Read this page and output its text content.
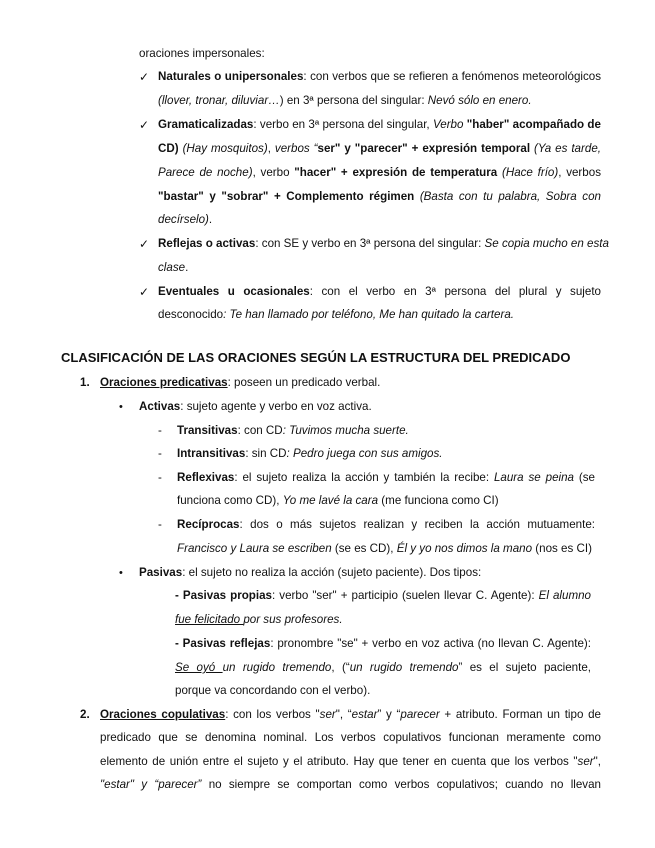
oraciones impersonales:
✓ Naturales o unipersonales: con verbos que se refieren a fenómenos meteorológicos
(llover, tronar, diluviar…) en 3ª persona del singular: Nevó sólo en enero.
✓ Gramaticalizadas: verbo en 3ª persona del singular, Verbo "haber" acompañado de
CD) (Hay mosquitos), verbos “ser" y "parecer" + expresión temporal (Ya es tarde,
Parece de noche), verbo "hacer" + expresión de temperatura (Hace frío), verbos
"bastar" y "sobrar" + Complemento régimen (Basta con tu palabra, Sobra con
decírselo).
✓ Reflejas o activas: con SE y verbo en 3ª persona del singular: Se copia mucho en esta
clase.
✓ Eventuales u ocasionales: con el verbo en 3ª persona del plural y sujeto
desconocido: Te han llamado por teléfono, Me han quitado la cartera.
CLASIFICACIÓN DE LAS ORACIONES SEGÚN LA ESTRUCTURA DEL PREDICADO
1. Oraciones predicativas: poseen un predicado verbal.
• Activas: sujeto agente y verbo en voz activa.
- Transitivas: con CD: Tuvimos mucha suerte.
- Intransitivas: sin CD: Pedro juega con sus amigos.
- Reflexivas: el sujeto realiza la acción y también la recibe: Laura se peina (se
funciona como CD), Yo me lavé la cara (me funciona como CI)
- Recíprocas: dos o más sujetos realizan y reciben la acción mutuamente:
Francisco y Laura se escriben (se es CD), Él y yo nos dimos la mano (nos es CI)
• Pasivas: el sujeto no realiza la acción (sujeto paciente). Dos tipos:
- Pasivas propias: verbo "ser" + participio (suelen llevar C. Agente): El alumno
fue felicitado por sus profesores.
- Pasivas reflejas: pronombre "se" + verbo en voz activa (no llevan C. Agente):
Se oyó un rugido tremendo, (“un rugido tremendo” es el sujeto paciente,
porque va concordando con el verbo).
2. Oraciones copulativas: con los verbos "ser", “estar” y “parecer + atributo. Forman un tipo de
predicado que se denomina nominal. Los verbos copulativos funcionan meramente como
elemento de unión entre el sujeto y el atributo. Hay que tener en cuenta que los verbos "ser",
"estar" y “parecer” no siempre se comportan como verbos copulativos; cuando no llevan
